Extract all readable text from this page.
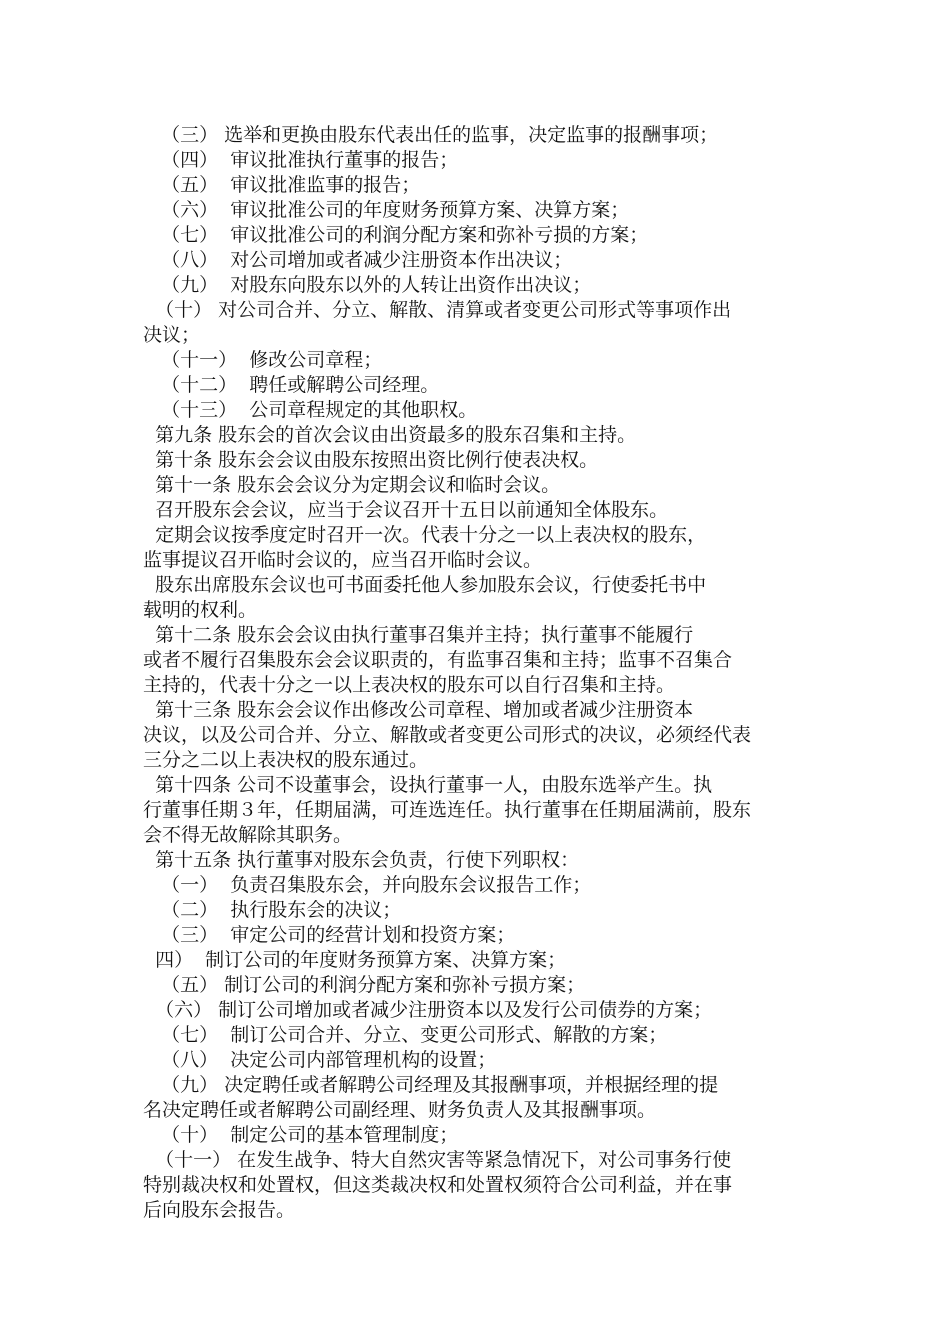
（三） 选举和更换由股东代表出任的监事，决定监事的报酬事项；
（四）  审议批准执行董事的报告；
（五）  审议批准监事的报告；
（六）  审议批准公司的年度财务预算方案、决算方案；
（七）  审议批准公司的利润分配方案和弥补亏损的方案；
（八）  对公司增加或者减少注册资本作出决议；
（九）  对股东向股东以外的人转让出资作出决议；
（十） 对公司合并、分立、解散、清算或者变更公司形式等事项作出
决议；
（十一）  修改公司章程；
（十二）  聘任或解聘公司经理。
（十三）  公司章程规定的其他职权。
第九条 股东会的首次会议由出资最多的股东召集和主持。
第十条 股东会会议由股东按照出资比例行使表决权。
第十一条 股东会会议分为定期会议和临时会议。
召开股东会会议，应当于会议召开十五日以前通知全体股东。
定期会议按季度定时召开一次。代表十分之一以上表决权的股东，
监事提议召开临时会议的，应当召开临时会议。
股东出席股东会议也可书面委托他人参加股东会议，行使委托书中
载明的权利。
第十二条 股东会会议由执行董事召集并主持；执行董事不能履行
或者不履行召集股东会会议职责的，有监事召集和主持；监事不召集合
主持的，代表十分之一以上表决权的股东可以自行召集和主持。
第十三条 股东会会议作出修改公司章程、增加或者减少注册资本
决议，以及公司合并、分立、解散或者变更公司形式的决议，必须经代表
三分之二以上表决权的股东通过。
第十四条 公司不设董事会，设执行董事一人，由股东选举产生。执
行董事任期３年，任期届满，可连选连任。执行董事在任期届满前，股东
会不得无故解除其职务。
第十五条 执行董事对股东会负责，行使下列职权：
（一）  负责召集股东会，并向股东会议报告工作；
（二）  执行股东会的决议；
（三）  审定公司的经营计划和投资方案；
四）  制订公司的年度财务预算方案、决算方案；
（五） 制订公司的利润分配方案和弥补亏损方案；
（六） 制订公司增加或者减少注册资本以及发行公司债券的方案；
（七）  制订公司合并、分立、变更公司形式、解散的方案；
（八）  决定公司内部管理机构的设置；
（九） 决定聘任或者解聘公司经理及其报酬事项，并根据经理的提
名决定聘任或者解聘公司副经理、财务负责人及其报酬事项。
（十）  制定公司的基本管理制度；
（十一） 在发生战争、特大自然灾害等紧急情况下，对公司事务行使
特别裁决权和处置权，但这类裁决权和处置权须符合公司利益，并在事
后向股东会报告。
